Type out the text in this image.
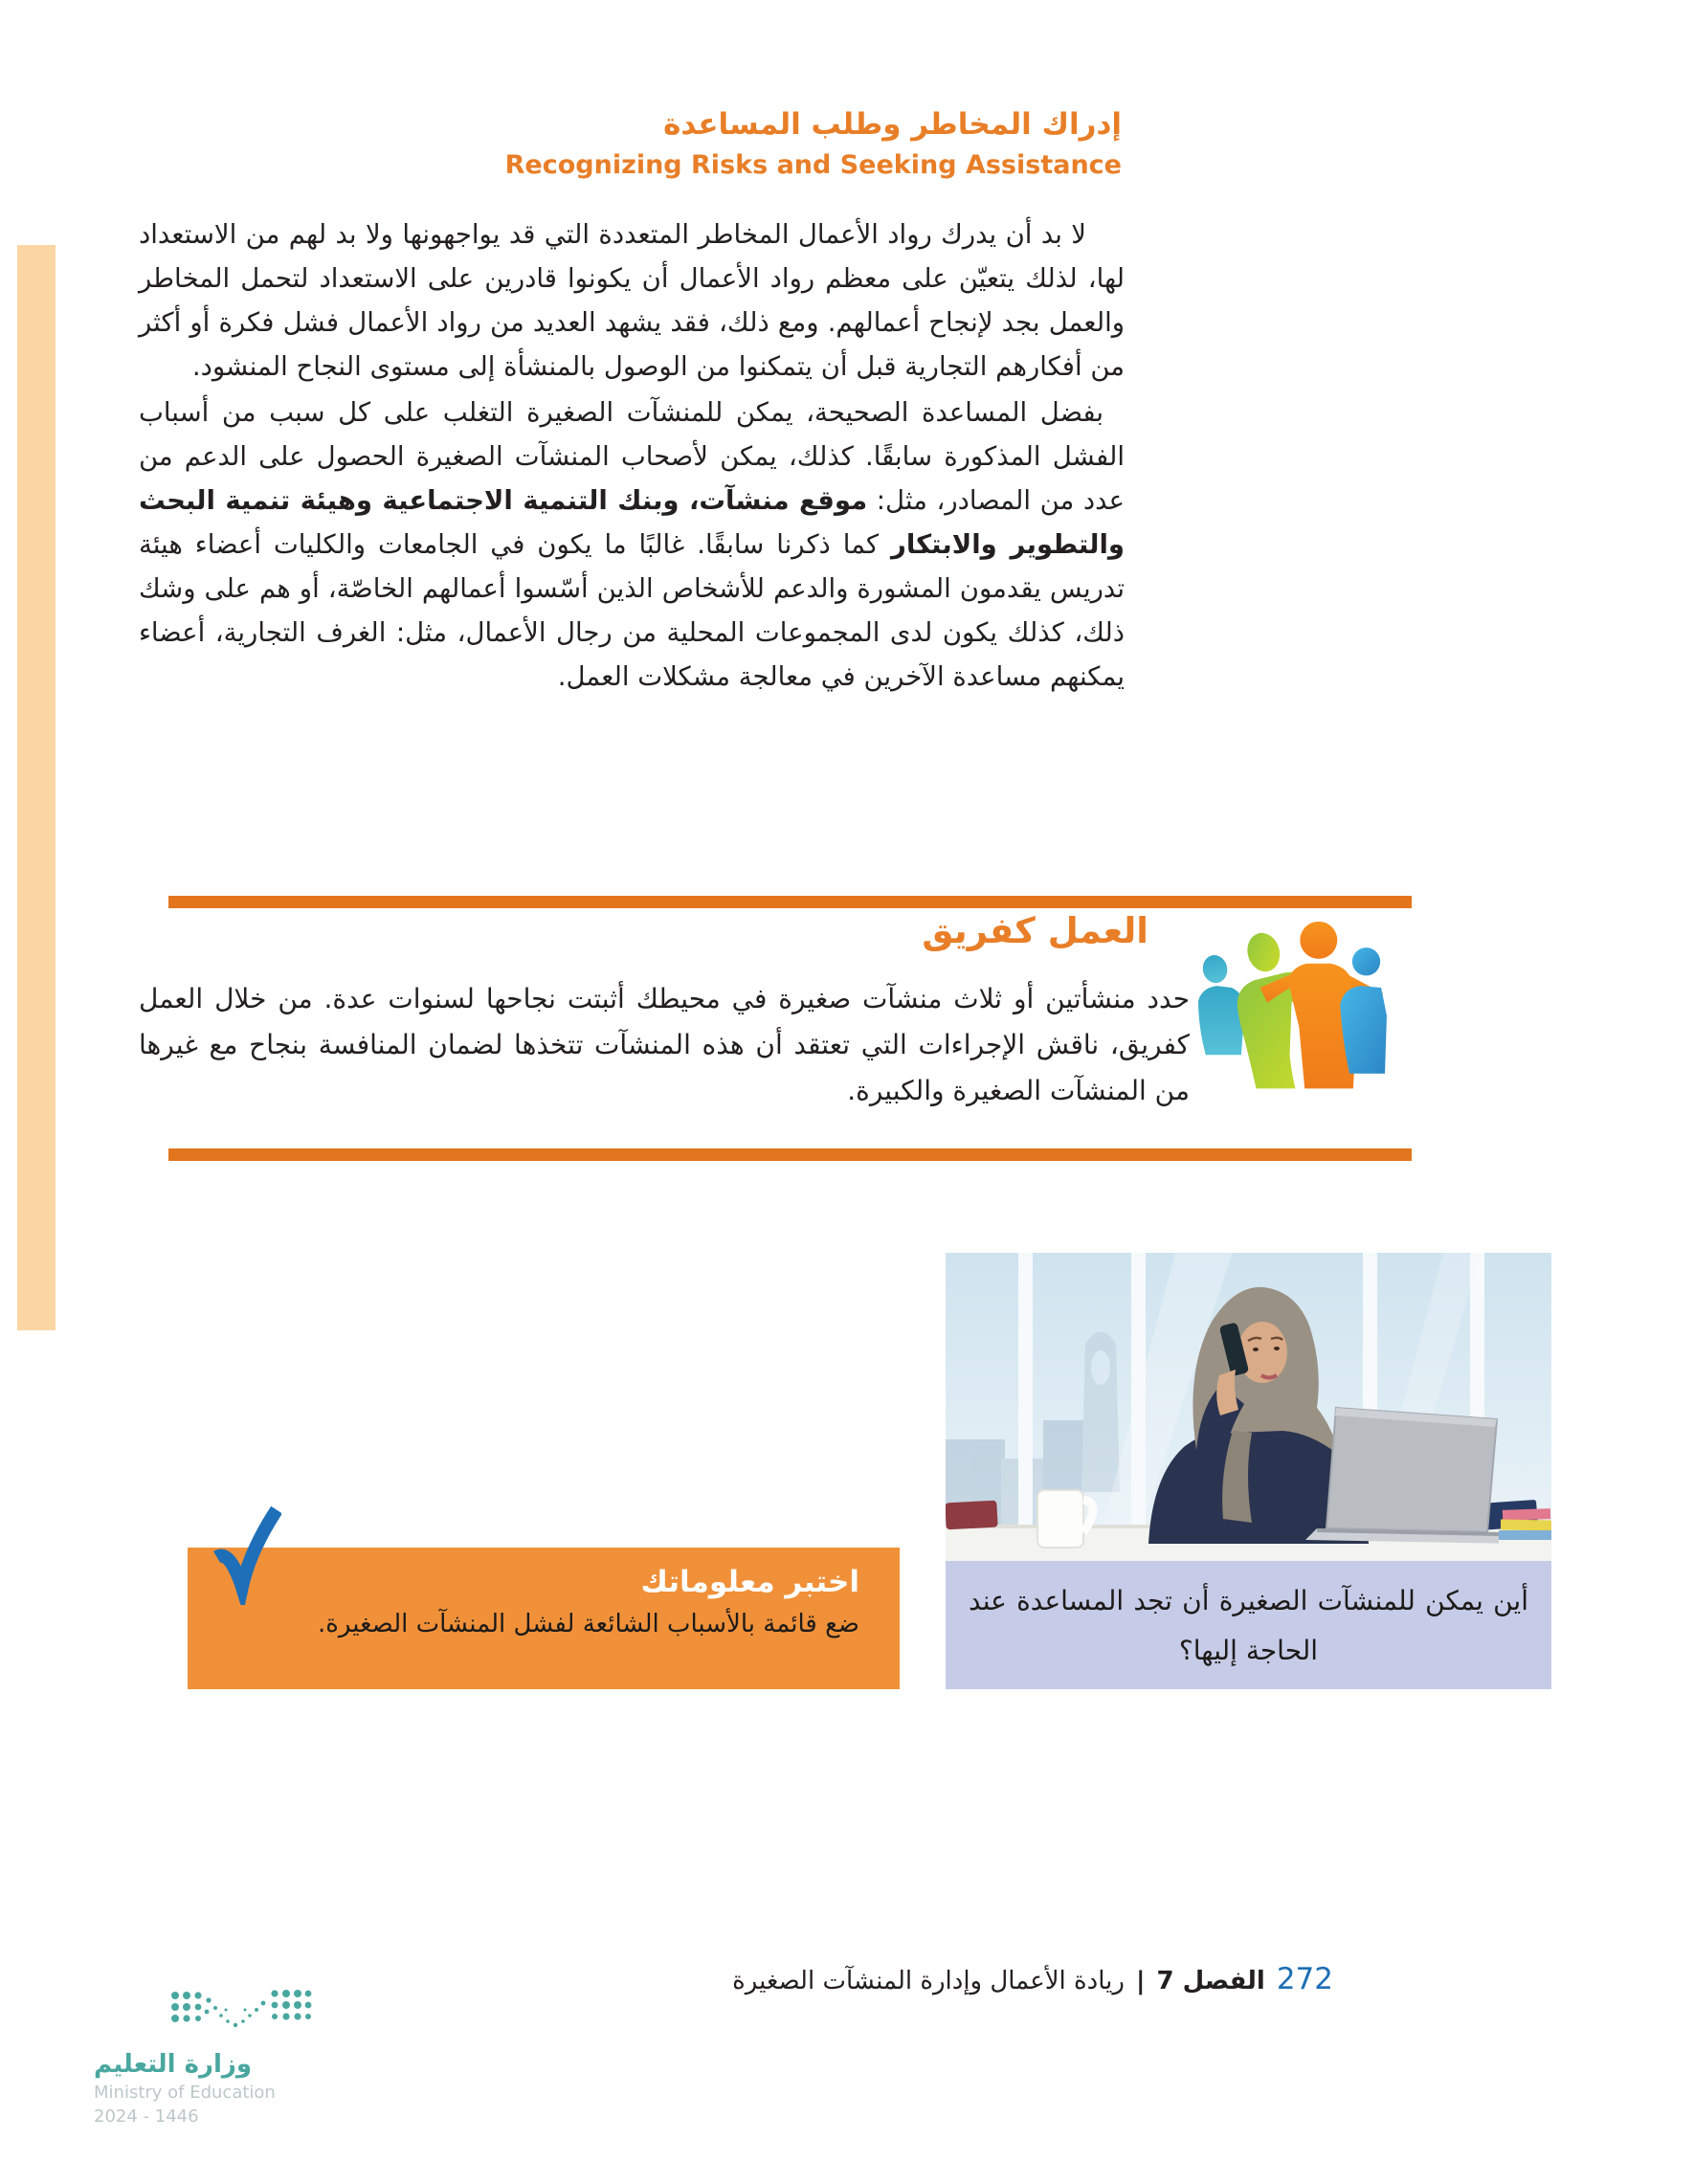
إدراك المخاطر وطلب المساعدة
Recognizing Risks and Seeking Assistance

لا بد أن يدرك رواد الأعمال المخاطر المتعددة التي قد يواجهونها ولا بد لهم من الاستعداد لها، لذلك يتعيّن على معظم رواد الأعمال أن يكونوا قادرين على الاستعداد لتحمل المخاطر والعمل بجد لإنجاح أعمالهم. ومع ذلك، فقد يشهد العديد من رواد الأعمال فشل فكرة أو أكثر من أفكارهم التجارية قبل أن يتمكنوا من الوصول بالمنشأة إلى مستوى النجاح المنشود.

بفضل المساعدة الصحيحة، يمكن للمنشآت الصغيرة التغلب على كل سبب من أسباب الفشل المذكورة سابقًا. كذلك، يمكن لأصحاب المنشآت الصغيرة الحصول على الدعم من عدد من المصادر، مثل: موقع منشآت، وبنك التنمية الاجتماعية وهيئة تنمية البحث والتطوير والابتكار كما ذكرنا سابقًا. غالبًا ما يكون في الجامعات والكليات أعضاء هيئة تدريس يقدمون المشورة والدعم للأشخاص الذين أسّسوا أعمالهم الخاصّة، أو هم على وشك ذلك، كذلك يكون لدى المجموعات المحلية من رجال الأعمال، مثل: الغرف التجارية، أعضاء يمكنهم مساعدة الآخرين في معالجة مشكلات العمل.

العمل كفريق

حدد منشأتين أو ثلاث منشآت صغيرة في محيطك أثبتت نجاحها لسنوات عدة. من خلال العمل كفريق، ناقش الإجراءات التي تعتقد أن هذه المنشآت تتخذها لضمان المنافسة بنجاح مع غيرها من المنشآت الصغيرة والكبيرة.

أين يمكن للمنشآت الصغيرة أن تجد المساعدة عند الحاجة إليها؟
اختبر معلوماتك

ضع قائمة بالأسباب الشائعة لفشل المنشآت الصغيرة.

272
الفصل 7
|
ريادة الأعمال وإدارة المنشآت الصغيرة
وزارة التعليم
Ministry of Education
2024 - 1446
